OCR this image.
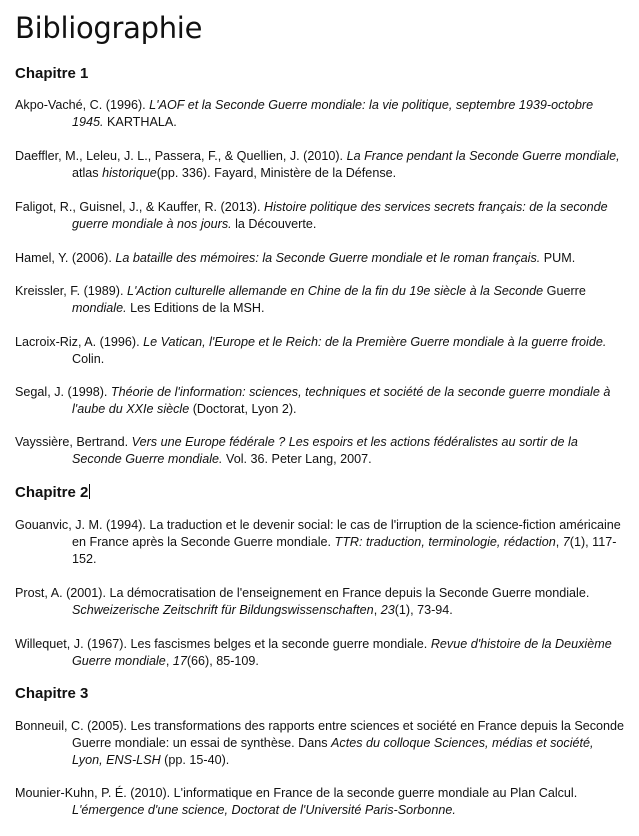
Bibliographie
Chapitre 1

Akpo-Vaché, C. (1996). L'AOF et la Seconde Guerre mondiale: la vie politique, septembre 1939-octobre 1945. KARTHALA.

Daeffler, M., Leleu, J. L., Passera, F., & Quellien, J. (2010). La France pendant la Seconde Guerre mondiale, atlas historique(pp. 336). Fayard, Ministère de la Défense.

Faligot, R., Guisnel, J., & Kauffer, R. (2013). Histoire politique des services secrets français: de la seconde guerre mondiale à nos jours. la Découverte.

Hamel, Y. (2006). La bataille des mémoires: la Seconde Guerre mondiale et le roman français. PUM.

Kreissler, F. (1989). L'Action culturelle allemande en Chine de la fin du 19e siècle à la Seconde Guerre mondiale. Les Editions de la MSH.

Lacroix-Riz, A. (1996). Le Vatican, l'Europe et le Reich: de la Première Guerre mondiale à la guerre froide. Colin.

Segal, J. (1998). Théorie de l'information: sciences, techniques et société de la seconde guerre mondiale à l'aube du XXIe siècle (Doctorat, Lyon 2).

Vayssière, Bertrand. Vers une Europe fédérale ? Les espoirs et les actions fédéralistes au sortir de la Seconde Guerre mondiale. Vol. 36. Peter Lang, 2007.

Chapitre 2

Gouanvic, J. M. (1994). La traduction et le devenir social: le cas de l'irruption de la science-fiction américaine en France après la Seconde Guerre mondiale. TTR: traduction, terminologie, rédaction, 7(1), 117-152.

Prost, A. (2001). La démocratisation de l'enseignement en France depuis la Seconde Guerre mondiale. Schweizerische Zeitschrift für Bildungswissenschaften, 23(1), 73-94.

Willequet, J. (1967). Les fascismes belges et la seconde guerre mondiale. Revue d'histoire de la Deuxième Guerre mondiale, 17(66), 85-109.

Chapitre 3

Bonneuil, C. (2005). Les transformations des rapports entre sciences et société en France depuis la Seconde Guerre mondiale: un essai de synthèse. Dans Actes du colloque Sciences, médias et société, Lyon, ENS-LSH (pp. 15-40).

Mounier-Kuhn, P. É. (2010). L'informatique en France de la seconde guerre mondiale au Plan Calcul. L'émergence d'une science, Doctorat de l'Université Paris-Sorbonne.
